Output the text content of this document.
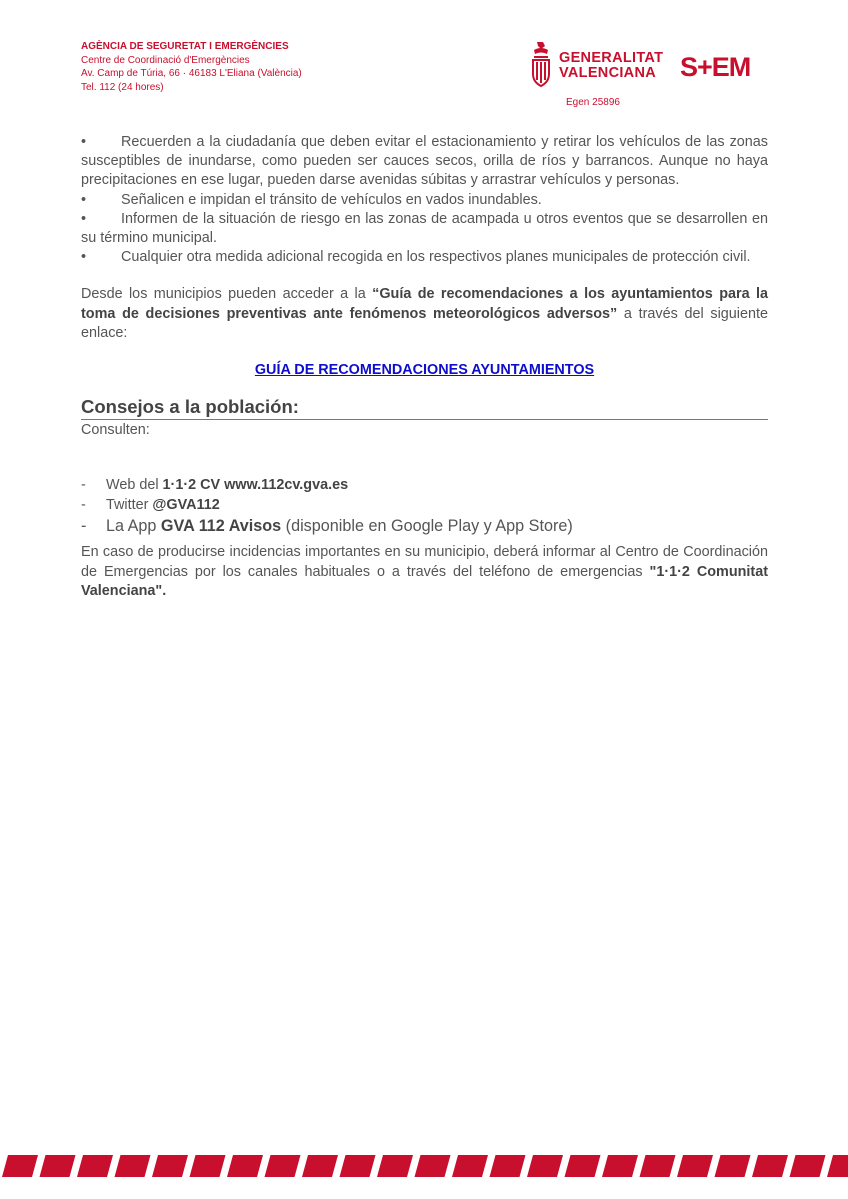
AGÈNCIA DE SEGURETAT I EMERGÈNCIES
Centre de Coordinació d'Emergències
Av. Camp de Túria, 66 · 46183 L'Eliana (València)
Tel. 112 (24 hores)
GENERALITAT
VALENCIANA S+EM
Egen 25896
• Recuerden a la ciudadanía que deben evitar el estacionamiento y retirar los vehículos de las zonas susceptibles de inundarse, como pueden ser cauces secos, orilla de ríos y barrancos. Aunque no haya precipitaciones en ese lugar, pueden darse avenidas súbitas y arrastrar vehículos y personas.
• Señalicen e impidan el tránsito de vehículos en vados inundables.
• Informen de la situación de riesgo en las zonas de acampada u otros eventos que se desarrollen en su término municipal.
• Cualquier otra medida adicional recogida en los respectivos planes municipales de protección civil.
Desde los municipios pueden acceder a la “Guía de recomendaciones a los ayuntamientos para la toma de decisiones preventivas ante fenómenos meteorológicos adversos” a través del siguiente enlace:
GUÍA DE RECOMENDACIONES AYUNTAMIENTOS
Consejos a la población:
Consulten:
- Web del 1·1·2 CV www.112cv.gva.es
- Twitter @GVA112
- La App GVA 112 Avisos (disponible en Google Play y App Store)
En caso de producirse incidencias importantes en su municipio, deberá informar al Centro de Coordinación de Emergencias por los canales habituales o a través del teléfono de emergencias "1·1·2 Comunitat Valenciana".
